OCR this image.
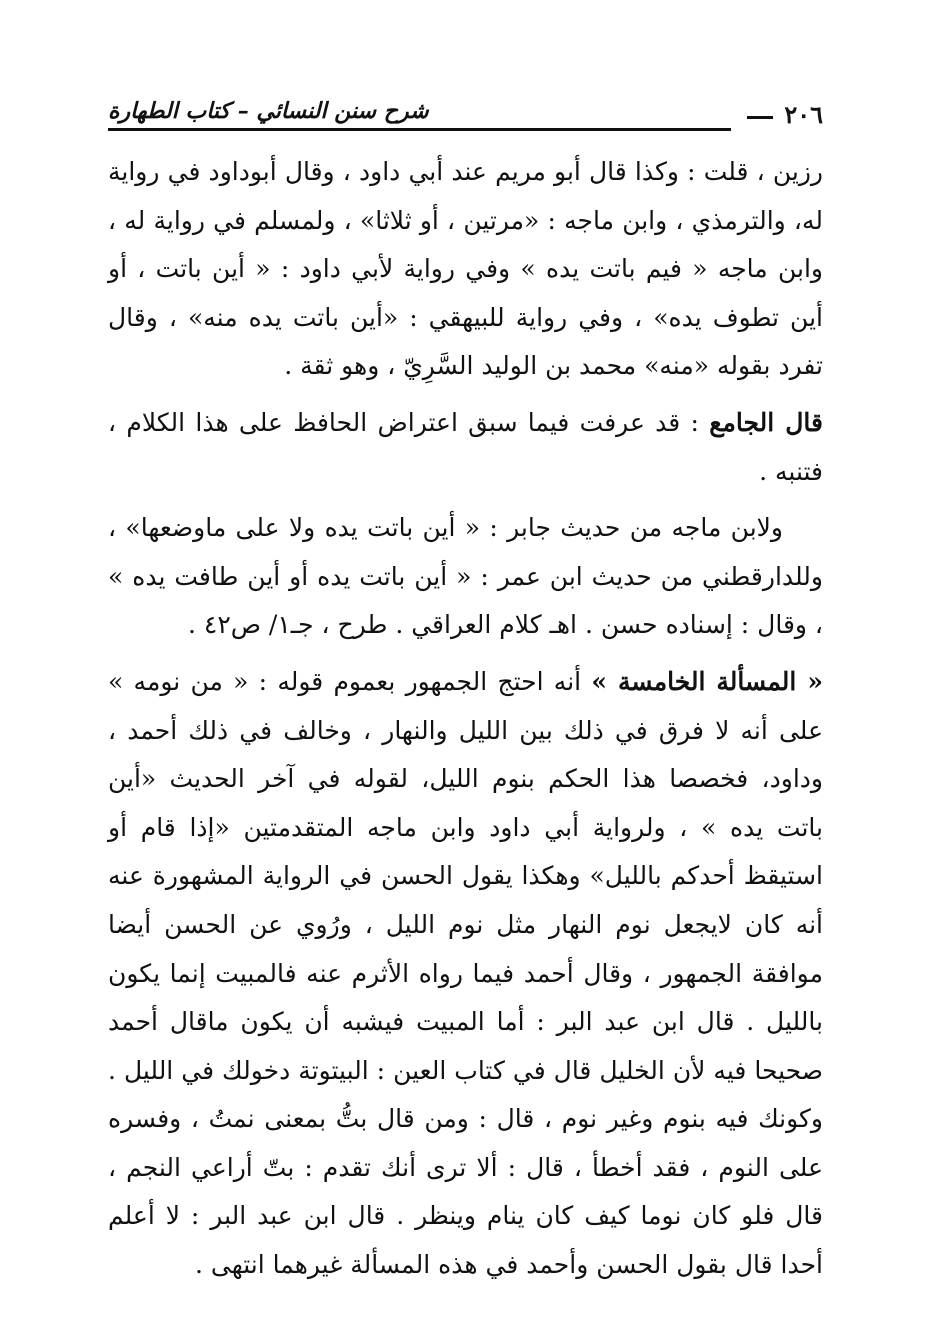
٢٠٦
شرح سنن النسائي – كتاب الطهارة

رزين ، قلت : وكذا قال أبو مريم عند أبي داود ، وقال أبوداود في رواية له، والترمذي ، وابن ماجه : «مرتين ، أو ثلاثا» ، ولمسلم في رواية له ، وابن ماجه « فيم باتت يده » وفي رواية لأبي داود : « أين باتت ، أو أين تطوف يده» ، وفي رواية للبيهقي : «أين باتت يده منه» ، وقال تفرد بقوله «منه» محمد بن الوليد السَّرِيّ ، وهو ثقة .

قال الجامع : قد عرفت فيما سبق اعتراض الحافظ على هذا الكلام ، فتنبه .

ولابن ماجه من حديث جابر : « أين باتت يده ولا على ماوضعها» ، وللدارقطني من حديث ابن عمر : « أين باتت يده أو أين طافت يده » ، وقال : إسناده حسن . اهـ كلام العراقي . طرح ، جـ١/ ص٤٢ .

« المسألة الخامسة » أنه احتج الجمهور بعموم قوله : « من نومه » على أنه لا فرق في ذلك بين الليل والنهار ، وخالف في ذلك أحمد ، وداود، فخصصا هذا الحكم بنوم الليل، لقوله في آخر الحديث «أين باتت يده » ، ولرواية أبي داود وابن ماجه المتقدمتين «إذا قام أو استيقظ أحدكم بالليل» وهكذا يقول الحسن في الرواية المشهورة عنه أنه كان لايجعل نوم النهار مثل نوم الليل ، ورُوي عن الحسن أيضا موافقة الجمهور ، وقال أحمد فيما رواه الأثرم عنه فالمبيت إنما يكون بالليل . قال ابن عبد البر : أما المبيت فيشبه أن يكون ماقال أحمد صحيحا فيه لأن الخليل قال في كتاب العين : البيتوتة دخولك في الليل . وكونك فيه بنوم وغير نوم ، قال : ومن قال بتُّ بمعنى نمتُ ، وفسره على النوم ، فقد أخطأ ، قال : ألا ترى أنك تقدم : بتّ أراعي النجم ، قال فلو كان نوما كيف كان ينام وينظر . قال ابن عبد البر : لا أعلم أحدا قال بقول الحسن وأحمد في هذه المسألة غيرهما انتهى .
